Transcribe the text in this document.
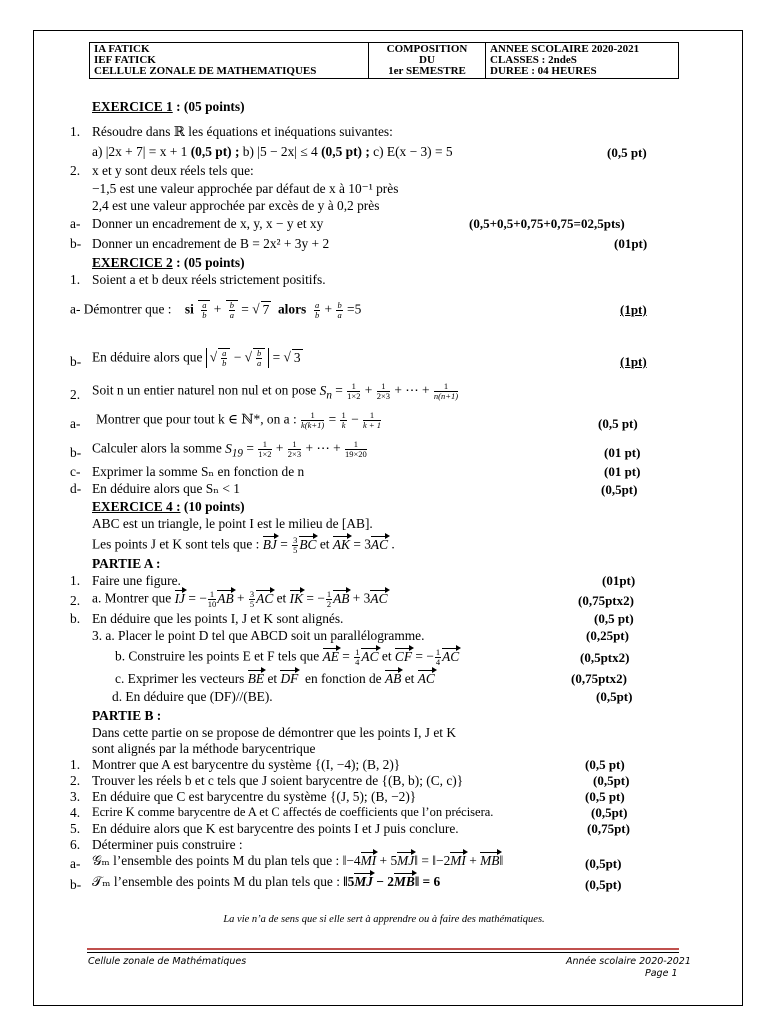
IA FATICK
IEF FATICK
CELLULE ZONALE DE MATHEMATIQUES

COMPOSITION
DU
1er SEMESTRE

ANNEE SCOLAIRE 2020-2021
CLASSES : 2ndeS
DUREE : 04 HEURES
EXERCICE 1 : (05 points)
1. Résoudre dans ℝ les équations et inéquations suivantes:
a) |2x + 7| = x + 1 (0,5 pt) ; b) |5 − 2x| ≤ 4 (0,5 pt) ; c) E(x − 3) = 5	(0,5 pt)
2. x et y sont deux réels tels que:
−1,5 est une valeur approchée par défaut de x à 10⁻¹ près
2,4 est une valeur approchée par excès de y à 0,2 près
a- Donner un encadrement de x, y, x − y et xy	(0,5+0,5+0,75+0,75=02,5pts)
b- Donner un encadrement de B = 2x² + 3y + 2	(01pt)
EXERCICE 2 : (05 points)
1. Soient a et b deux réels strictement positifs.
a- Démontrer que : si $\frac{a}{b} + \frac{b}{a}$ = √ 7 alors $\frac{a}{b} + \frac{b}{a} =5$	(1pt)
b- En déduire alors que √ $\frac{a}{b}$ − √ $\frac{b}{a}$ = √ 3	(1pt)
2. Soit n un entier naturel non nul et on pose $S_n = \frac{1}{1\times 2} + \frac{1}{2\times 3}$ + ⋯ + $\frac{1}{n(n+1)}$
a- Montrer que pour tout k ∈ ℕ*, on a : $\frac{1}{k(k+1)} = \frac{1}{k} - \frac{1}{k + 1}$	(0,5 pt)
b- Calculer alors la somme $S_{19} = \frac{1}{1\times 2} + \frac{1}{2\times 3}$ + ⋯ + $\frac{1}{19\times 20}$	(01 pt)
c- Exprimer la somme Sₙ en fonction de n	(01 pt)
d- En déduire alors que Sₙ < 1	(0,5pt)
EXERCICE 4 : (10 points)
ABC est un triangle, le point I est le milieu de [AB].
Les points J et K sont tels que : BJ = $\frac{3}{5}$ BC et AK = 3AC .
PARTIE A :
1. Faire une figure.	(01pt)
2. a. Montrer que IJ = − $\frac{1}{10}$ AB + $\frac{3}{5}$ AC et IK = − $\frac{1}{2}$ AB + 3AC	(0,75ptx2)
b. En déduire que les points I, J et K sont alignés.	(0,5 pt)
3. a. Placer le point D tel que ABCD soit un parallélogramme.	(0,25pt)
b. Construire les points E et F tels que AE = $\frac{1}{4}$ AC et CF = − $\frac{1}{4}$ AC	(0,5ptx2)
c. Exprimer les vecteurs BE et DF en fonction de AB et AC	(0,75ptx2)
d. En déduire que (DF)//(BE).	(0,5pt)
PARTIE B :
Dans cette partie on se propose de démontrer que les points I, J et K
sont alignés par la méthode barycentrique
1. Montrer que A est barycentre du système {(I, −4); (B, 2)}	(0,5 pt)
2. Trouver les réels b et c tels que J soient barycentre de {(B, b); (C, c)}	(0,5pt)
3. En déduire que C est barycentre du système {(J, 5); (B, −2)}	(0,5 pt)
4. Ecrire K comme barycentre de A et C affectés de coefficients que l’on précisera.	(0,5pt)
5. En déduire alors que K est barycentre des points I et J puis conclure.	(0,75pt)
6. Déterminer puis construire :
a- 𝒢ₘ l’ensemble des points M du plan tels que : ‖−4MI + 5MJ‖ = ‖−2MI + MB‖	(0,5pt)
b- 𝒯ₘ l’ensemble des points M du plan tels que : ‖5MJ − 2MB‖ = 6	(0,5pt)
La vie n’a de sens que si elle sert à apprendre ou à faire des mathématiques.
Cellule zonale de Mathématiques	Année scolaire 2020-2021
Page 1
